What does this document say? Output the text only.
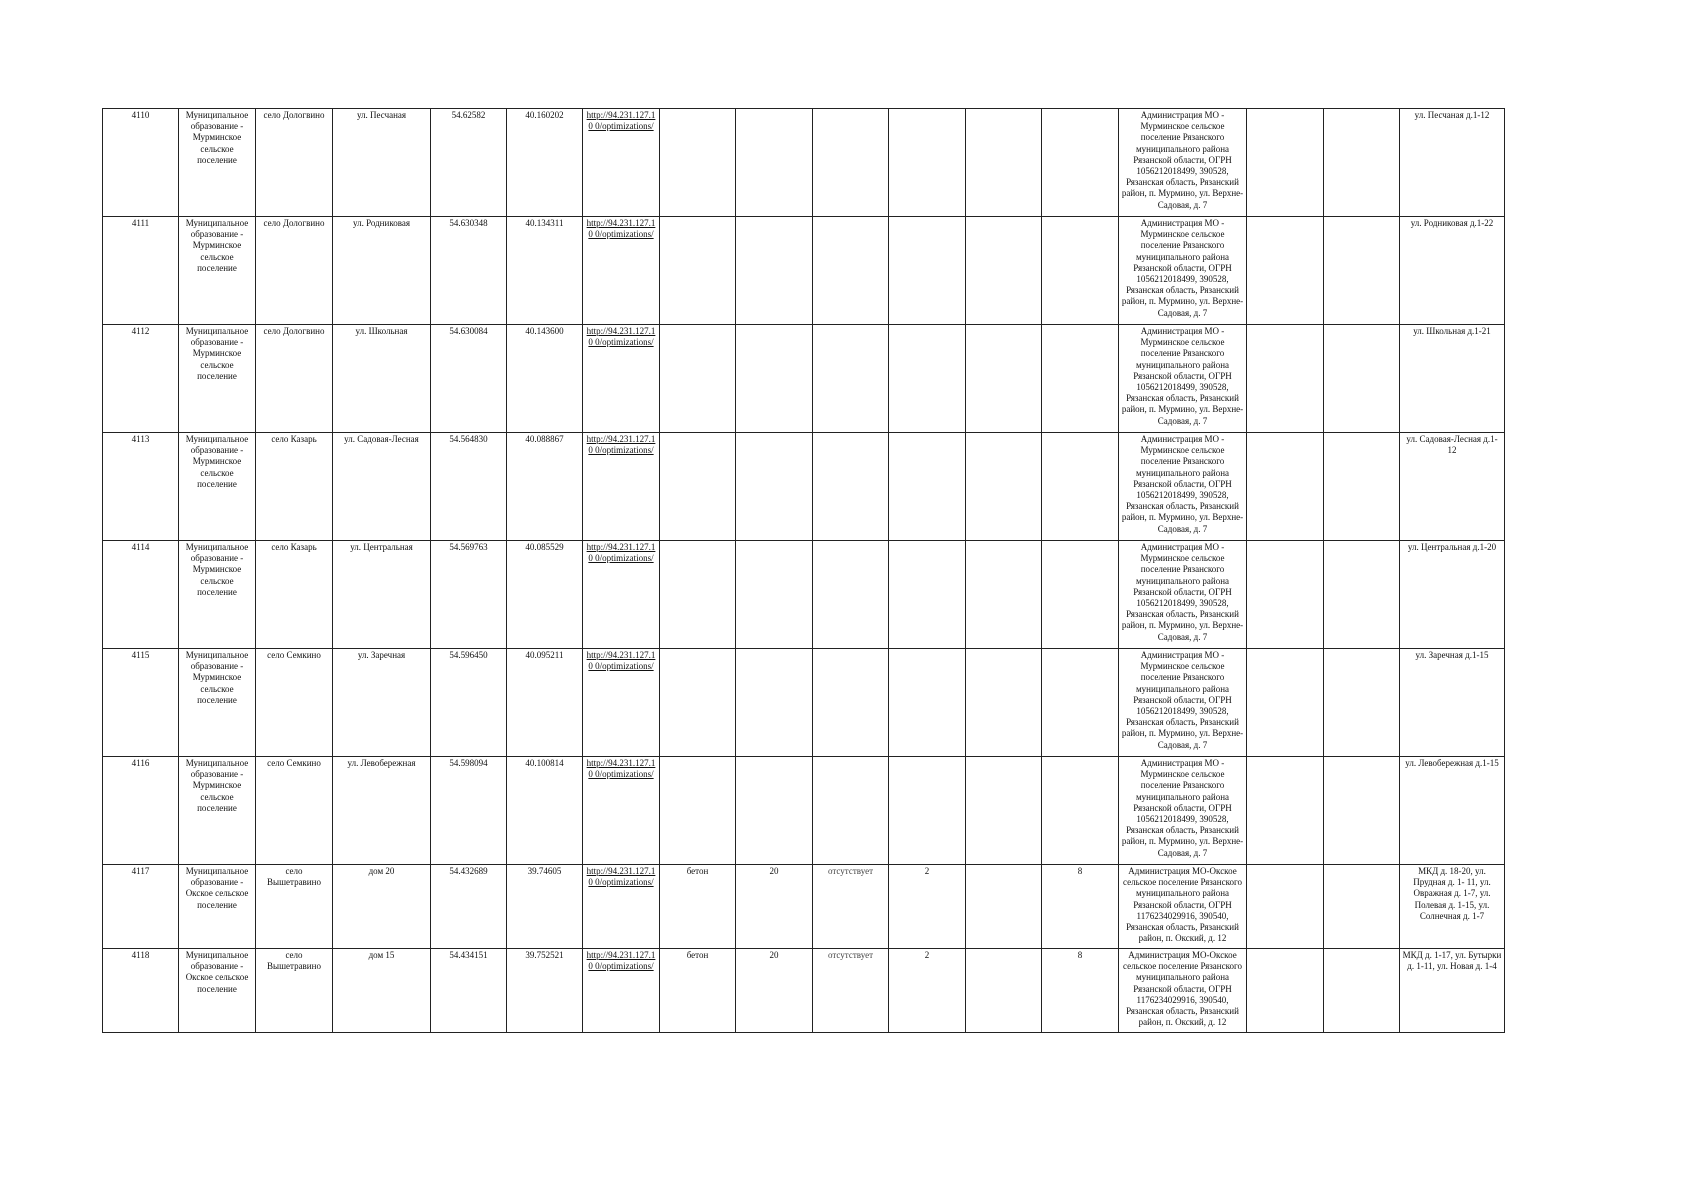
4110	Муниципальное образование - Мурминское сельское поселение	село Дологвино	ул. Песчаная	54.62582	40.160202	http://94.231.127.10 0/optimizations/							Администрация МО - Мурминское сельское поселение Рязанского муниципального района Рязанской области, ОГРН 1056212018499, 390528, Рязанская область, Рязанский район, п. Мурмино, ул. Верхне-Садовая, д. 7			ул. Песчаная д.1-12
4111	Муниципальное образование - Мурминское сельское поселение	село Дологвино	ул. Родниковая	54.630348	40.134311	http://94.231.127.10 0/optimizations/							Администрация МО - Мурминское сельское поселение Рязанского муниципального района Рязанской области, ОГРН 1056212018499, 390528, Рязанская область, Рязанский район, п. Мурмино, ул. Верхне-Садовая, д. 7			ул. Родниковая д.1-22
4112	Муниципальное образование - Мурминское сельское поселение	село Дологвино	ул. Школьная	54.630084	40.143600	http://94.231.127.10 0/optimizations/							Администрация МО - Мурминское сельское поселение Рязанского муниципального района Рязанской области, ОГРН 1056212018499, 390528, Рязанская область, Рязанский район, п. Мурмино, ул. Верхне-Садовая, д. 7			ул. Школьная д.1-21
4113	Муниципальное образование - Мурминское сельское поселение	село Казарь	ул. Садовая-Лесная	54.564830	40.088867	http://94.231.127.10 0/optimizations/							Администрация МО - Мурминское сельское поселение Рязанского муниципального района Рязанской области, ОГРН 1056212018499, 390528, Рязанская область, Рязанский район, п. Мурмино, ул. Верхне-Садовая, д. 7			ул. Садовая-Лесная д.1-12
4114	Муниципальное образование - Мурминское сельское поселение	село Казарь	ул. Центральная	54.569763	40.085529	http://94.231.127.10 0/optimizations/							Администрация МО - Мурминское сельское поселение Рязанского муниципального района Рязанской области, ОГРН 1056212018499, 390528, Рязанская область, Рязанский район, п. Мурмино, ул. Верхне-Садовая, д. 7			ул. Центральная д.1-20
4115	Муниципальное образование - Мурминское сельское поселение	село Семкино	ул. Заречная	54.596450	40.095211	http://94.231.127.10 0/optimizations/							Администрация МО - Мурминское сельское поселение Рязанского муниципального района Рязанской области, ОГРН 1056212018499, 390528, Рязанская область, Рязанский район, п. Мурмино, ул. Верхне-Садовая, д. 7			ул. Заречная д.1-15
4116	Муниципальное образование - Мурминское сельское поселение	село Семкино	ул. Левобережная	54.598094	40.100814	http://94.231.127.10 0/optimizations/							Администрация МО - Мурминское сельское поселение Рязанского муниципального района Рязанской области, ОГРН 1056212018499, 390528, Рязанская область, Рязанский район, п. Мурмино, ул. Верхне-Садовая, д. 7			ул. Левобережная д.1-15
4117	Муниципальное образование - Окское сельское поселение	село Вышетравино	дом 20	54.432689	39.74605	http://94.231.127.10 0/optimizations/	бетон	20	отсутствует	2		8	Администрация МО-Окское сельское поселение Рязанского муниципального района Рязанской области, ОГРН 1176234029916, 390540, Рязанская область, Рязанский район, п. Окский, д. 12			МКД д. 18-20, ул. Прудная д. 1- 11, ул. Овражная д. 1-7, ул. Полевая д. 1-15, ул. Солнечная д. 1-7
4118	Муниципальное образование - Окское сельское поселение	село Вышетравино	дом 15	54.434151	39.752521	http://94.231.127.10 0/optimizations/	бетон	20	отсутствует	2		8	Администрация МО-Окское сельское поселение Рязанского муниципального района Рязанской области, ОГРН 1176234029916, 390540, Рязанская область, Рязанский район, п. Окский, д. 12			МКД д. 1-17, ул. Бутырки д. 1-11, ул. Новая д. 1-4
